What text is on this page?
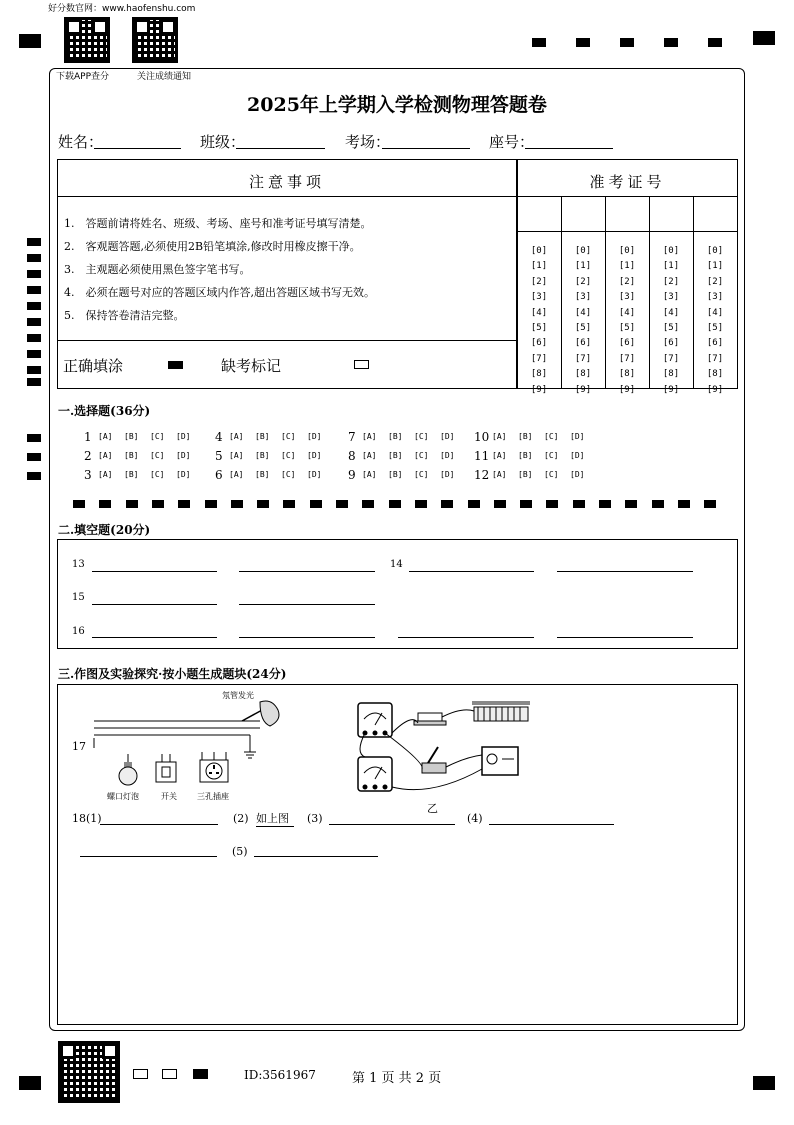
好分数官网：www.haofenshu.com
下载APP查分	关注成绩通知
2025年上学期入学检测物理答题卷
姓名：	班级：	考场：	座号：
注意事项
1.　答题前请将姓名、班级、考场、座号和准考证号填写清楚。
2.　客观题答题,必须使用2B铅笔填涂,修改时用橡皮擦干净。
3.　主观题必须使用黑色签字笔书写。
4.　必须在题号对应的答题区域内作答,超出答题区域书写无效。
5.　保持答卷清洁完整。
正确填涂	缺考标记
准考证号
[0]
[1]
[2]
[3]
[4]
[5]
[6]
[7]
[8]
[9]
[0]
[1]
[2]
[3]
[4]
[5]
[6]
[7]
[8]
[9]
[0]
[1]
[2]
[3]
[4]
[5]
[6]
[7]
[8]
[9]
[0]
[1]
[2]
[3]
[4]
[5]
[6]
[7]
[8]
[9]
[0]
[1]
[2]
[3]
[4]
[5]
[6]
[7]
[8]
[9]
一.选择题(36分)
1 [A] [B] [C] [D]
2 [A] [B] [C] [D]
3 [A] [B] [C] [D]
4 [A] [B] [C] [D]
5 [A] [B] [C] [D]
6 [A] [B] [C] [D]
7 [A] [B] [C] [D]
8 [A] [B] [C] [D]
9 [A] [B] [C] [D]
10 [A] [B] [C] [D]
11 [A] [B] [C] [D]
12 [A] [B] [C] [D]
二.填空题(20分)
13	14
15
16
三.作图及实验探究·按小题生成题块(24分)
氖管发光
17
螺口灯泡	开关	三孔插座
乙
18(1)	(2) 如上图	(3)	(4)
(5)
ID:3561967	第 1 页 共 2 页
